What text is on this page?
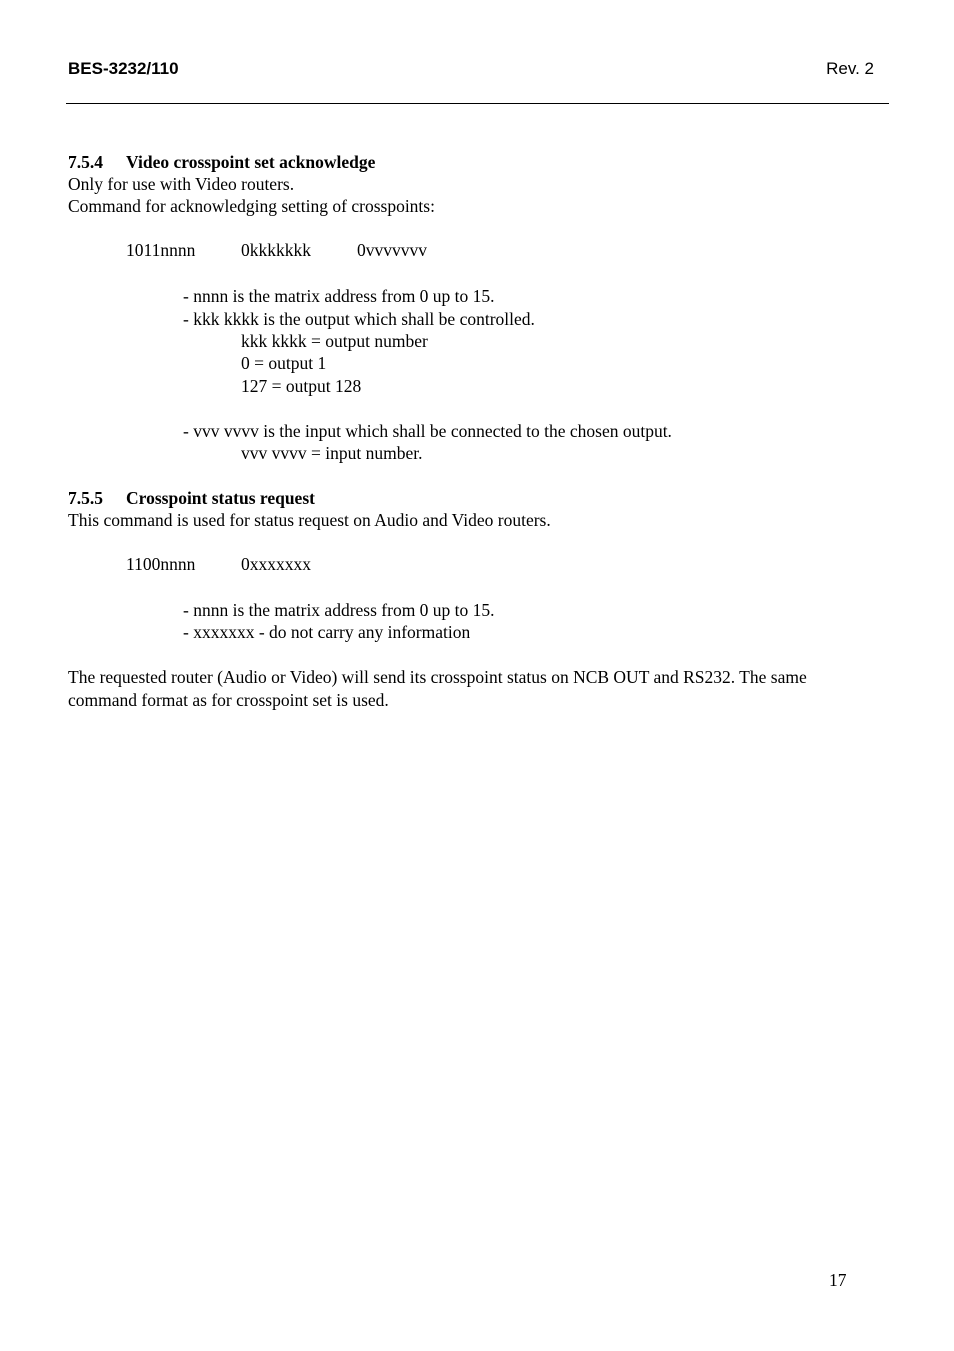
BES-3232/110	Rev. 2
7.5.4 Video crosspoint set acknowledge
Only for use with Video routers.
Command for acknowledging setting of crosspoints:
1011nnnn	0kkkkkkk	0vvvvvvv
- nnnn is the matrix address from 0 up to 15.
- kkk kkkk is the output which shall be controlled.
kkk kkkk = output number
0 = output 1
127 = output 128
- vvv vvvv is the input which shall be connected to the chosen output.
vvv vvvv = input number.
7.5.5 Crosspoint status request
This command is used for status request on Audio and Video routers.
1100nnnn	0xxxxxxx
- nnnn is the matrix address from 0 up to 15.
- xxxxxxx - do not carry any information
The requested router (Audio or Video) will send its crosspoint status on NCB OUT and RS232. The same
command format as for crosspoint set is used.
17
